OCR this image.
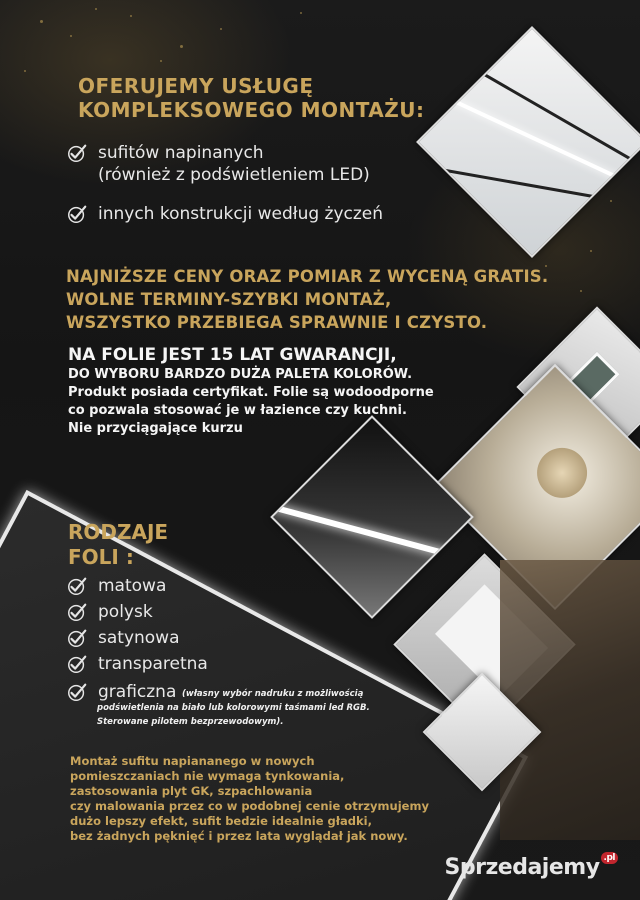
OFERUJEMY USŁUGĘ

KOMPLEKSOWEGO MONTAŻU:

sufitów napinanych
(również z podświetleniem LED)
innych konstrukcji według życzeń

NAJNIŻSZE CENY ORAZ POMIAR Z WYCENĄ GRATIS.

WOLNE TERMINY-SZYBKI MONTAŻ,

WSZYSTKO PRZEBIEGA SPRAWNIE I CZYSTO.

NA FOLIE JEST 15 LAT GWARANCJI,

DO WYBORU BARDZO DUŻA PALETA KOLORÓW.

Produkt posiada certyfikat. Folie są wodoodporne

co pozwala stosować je w łazience czy kuchni.

Nie przyciągające kurzu

RODZAJE

FOLI :

matowa
polysk
satynowa
transparetna
graficzna (własny wybór nadruku z możliwością

podświetlenia na biało lub kolorowymi taśmami led RGB.

Sterowane pilotem bezprzewodowym).

Montaż sufitu napiananego w nowych

pomieszczaniach nie wymaga tynkowania,

zastosowania plyt GK, szpachlowania

czy malowania przez co w podobnej cenie otrzymujemy

dużo lepszy efekt, sufit bedzie idealnie gładki,

bez żadnych pęknięć i przez lata wyglądał jak nowy.

Sprzedajemy $^{.pl}$
